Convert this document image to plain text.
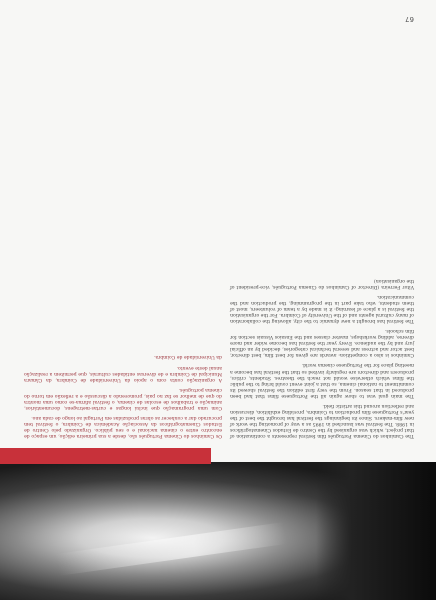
The Caminhos do Cinema Português film festival represents a continuation of that project, which was organised by the Centro de Estudos Cinematográficos in 1988. The festival was launched in 1995 as a way of promoting the work of new film-makers. Since its beginnings the festival has brought the best of the year's Portuguese film production to Coimbra, providing exhibition, discussion and reflection around this artistic field.

The main goal was to show again all the Portuguese films that had been produced in that season. From the very first edition the festival showed its commitment to national cinema, so that a joint event could bring to the public the films which otherwise would not reach the theatres. Students, critics, producers and directors are regularly invited so that the festival has become a meeting place for the Portuguese cinema world.

Caminhos is also a competition: awards are given for best film, best director, best actor and actress and several technical categories, decided by an official jury and by the audience. Every year the festival has become wider and more diverse, adding workshops, master classes and the Ensaios Visuais section for film schools.

The festival has brought a new dynamic to the city, allowing the collaboration of many cultural agents and of the University of Coimbra. For the organisation the festival is a place of learning: it is made by a team of volunteers, most of them students, who take part in the programming, the production and the communication.

Vítor Ferreira (Director of Caminhos do Cinema Português, vice-president of the organisation)

Os Caminhos do Cinema Português são, desde a sua primeira edição, um espaço de encontro entre o cinema nacional e o seu público. Organizado pelo Centro de Estudos Cinematográficos da Associação Académica de Coimbra, o festival tem procurado dar a conhecer as obras produzidas em Portugal ao longo de cada ano.

Com uma programação que inclui longas e curtas-metragens, documentários, animação e trabalhos de escolas de cinema, o festival afirma-se como uma montra do que de melhor se faz no país, promovendo a discussão e a reflexão em torno do cinema português.

A organização conta com o apoio da Universidade de Coimbra, da Câmara Municipal de Coimbra e de diversas entidades culturais, que permitem a realização anual deste evento.

da Universidade de Coimbra.

67
